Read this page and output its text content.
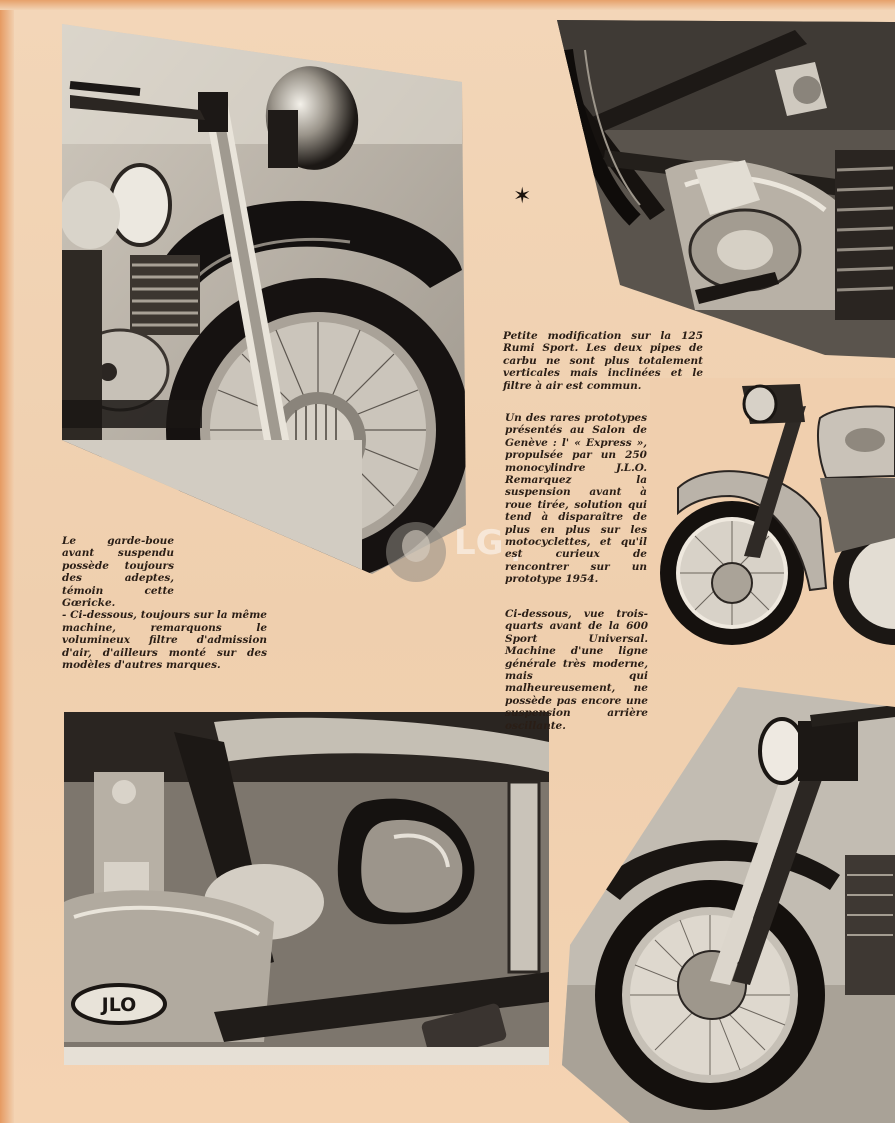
JLO
✶
LG

Le garde-boue avant suspendu possède toujours des adeptes, témoin cette Gœricke.
- Ci-dessous, toujours sur la même machine, remarquons le volumineux filtre d'admission d'air, d'ailleurs monté sur des modèles d'autres marques.

Petite modification sur la 125 Rumi Sport. Les deux pipes de carbu ne sont plus totalement verticales mais inclinées et le filtre à air est commun.

Un des rares prototypes présentés au Salon de Genève : l' « Express », propulsée par un 250 monocylindre J.L.O. Remarquez la suspension avant à roue tirée, solution qui tend à disparaître de plus en plus sur les motocyclettes, et qu'il est curieux de rencontrer sur un prototype 1954.

Ci-dessous, vue trois-quarts avant de la 600 Sport Universal. Machine d'une ligne générale très moderne, mais qui malheureusement, ne possède pas encore une suspension arrière oscillante.
